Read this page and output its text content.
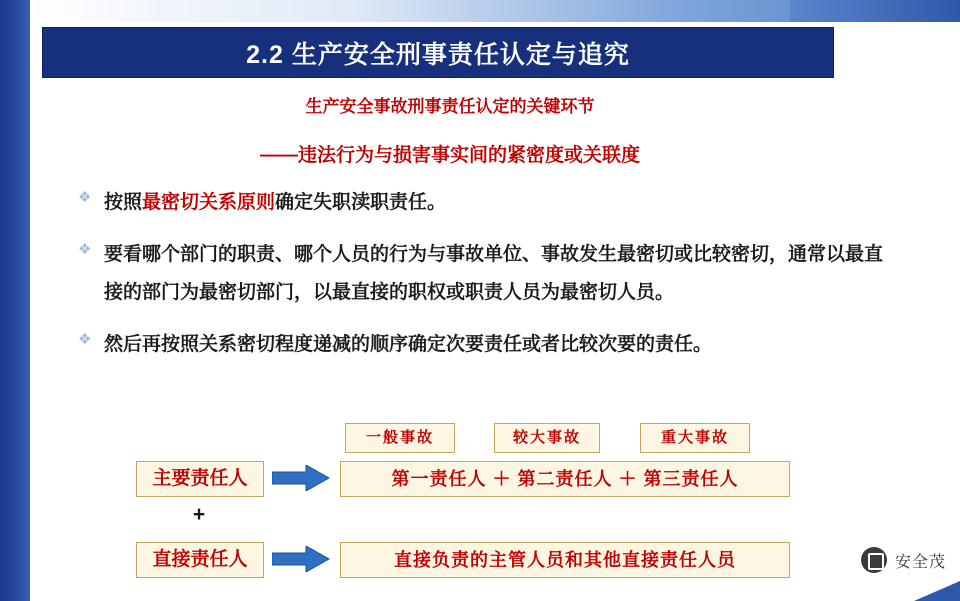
2.2 生产安全刑事责任认定与追究
生产安全事故刑事责任认定的关键环节
——违法行为与损害事实间的紧密度或关联度
❖ 按照最密切关系原则确定失职渎职责任。
❖ 要看哪个部门的职责、哪个人员的行为与事故单位、事故发生最密切或比较密切，通常以最直接的部门为最密切部门，以最直接的职权或职责人员为最密切人员。
❖ 然后再按照关系密切程度递减的顺序确定次要责任或者比较次要的责任。
一般事故	较大事故	重大事故
主要责任人
+
直接责任人
第一责任人 ＋ 第二责任人 ＋ 第三责任人
直接负责的主管人员和其他直接责任人员	安全茂
